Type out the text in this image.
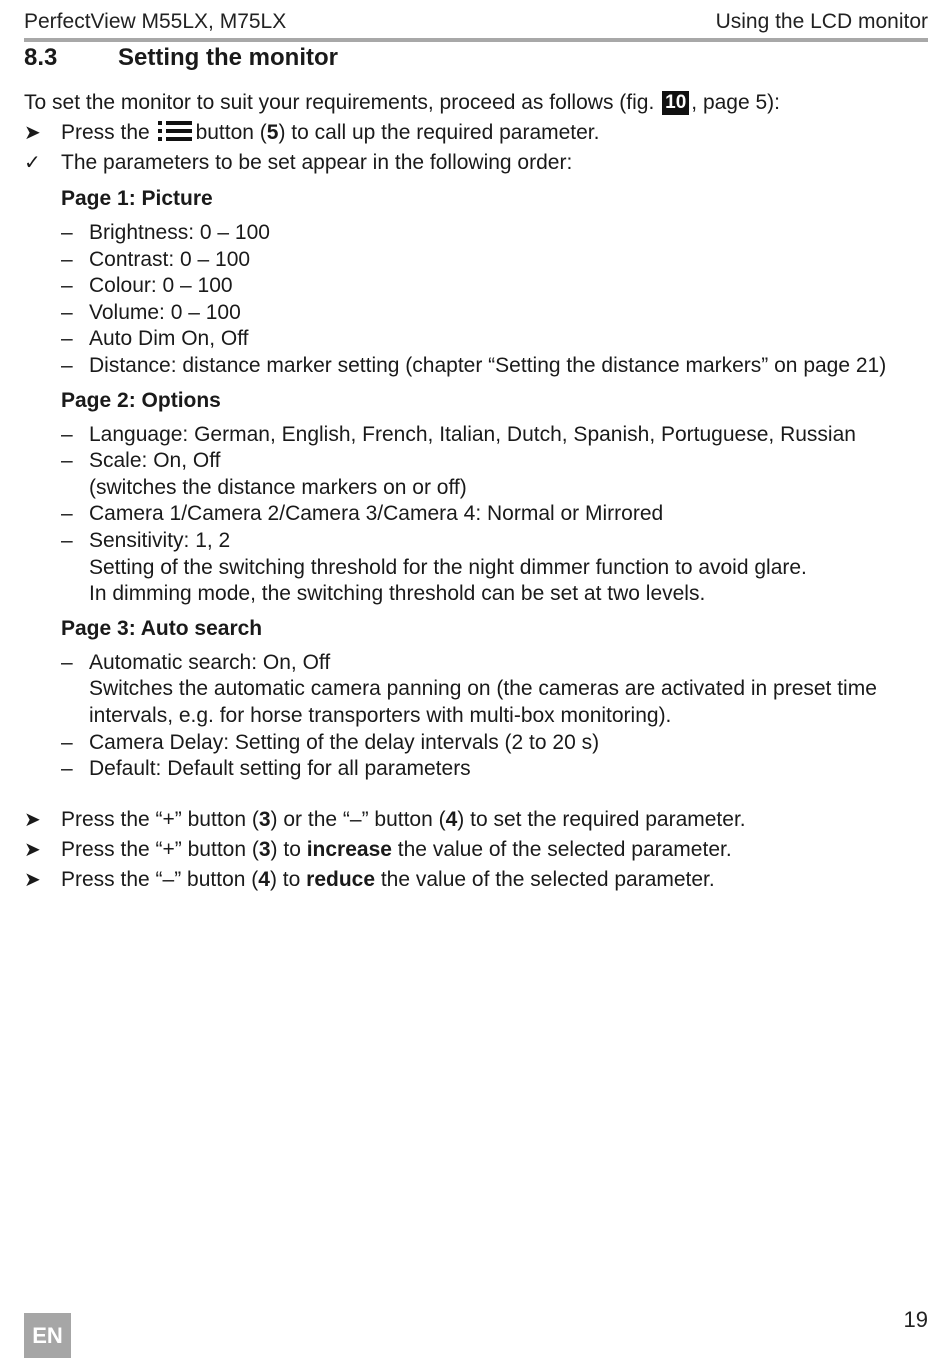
PerfectView M55LX, M75LX	Using the LCD monitor
8.3	Setting the monitor

To set the monitor to suit your requirements, proceed as follows (fig. 10 , page 5):

➤ Press the button (5) to call up the required parameter.
✓ The parameters to be set appear in the following order:
Page 1: Picture
– Brightness: 0 – 100
– Contrast: 0 – 100
– Colour: 0 – 100
– Volume: 0 – 100
– Auto Dim On, Off
– Distance: distance marker setting (chapter “Setting the distance markers” on page 21)
Page 2: Options
– Language: German, English, French, Italian, Dutch, Spanish, Portuguese, Russian
– Scale: On, Off
(switches the distance markers on or off)
– Camera 1/Camera 2/Camera 3/Camera 4: Normal or Mirrored
– Sensitivity: 1, 2
Setting of the switching threshold for the night dimmer function to avoid glare.
In dimming mode, the switching threshold can be set at two levels.
Page 3: Auto search
– Automatic search: On, Off
Switches the automatic camera panning on (the cameras are activated in preset time intervals, e.g. for horse transporters with multi-box monitoring).
– Camera Delay: Setting of the delay intervals (2 to 20 s)
– Default: Default setting for all parameters
➤ Press the “+” button (3) or the “–” button (4) to set the required parameter.
➤ Press the “+” button (3) to increase the value of the selected parameter.
➤ Press the “–” button (4) to reduce the value of the selected parameter.
EN
19
